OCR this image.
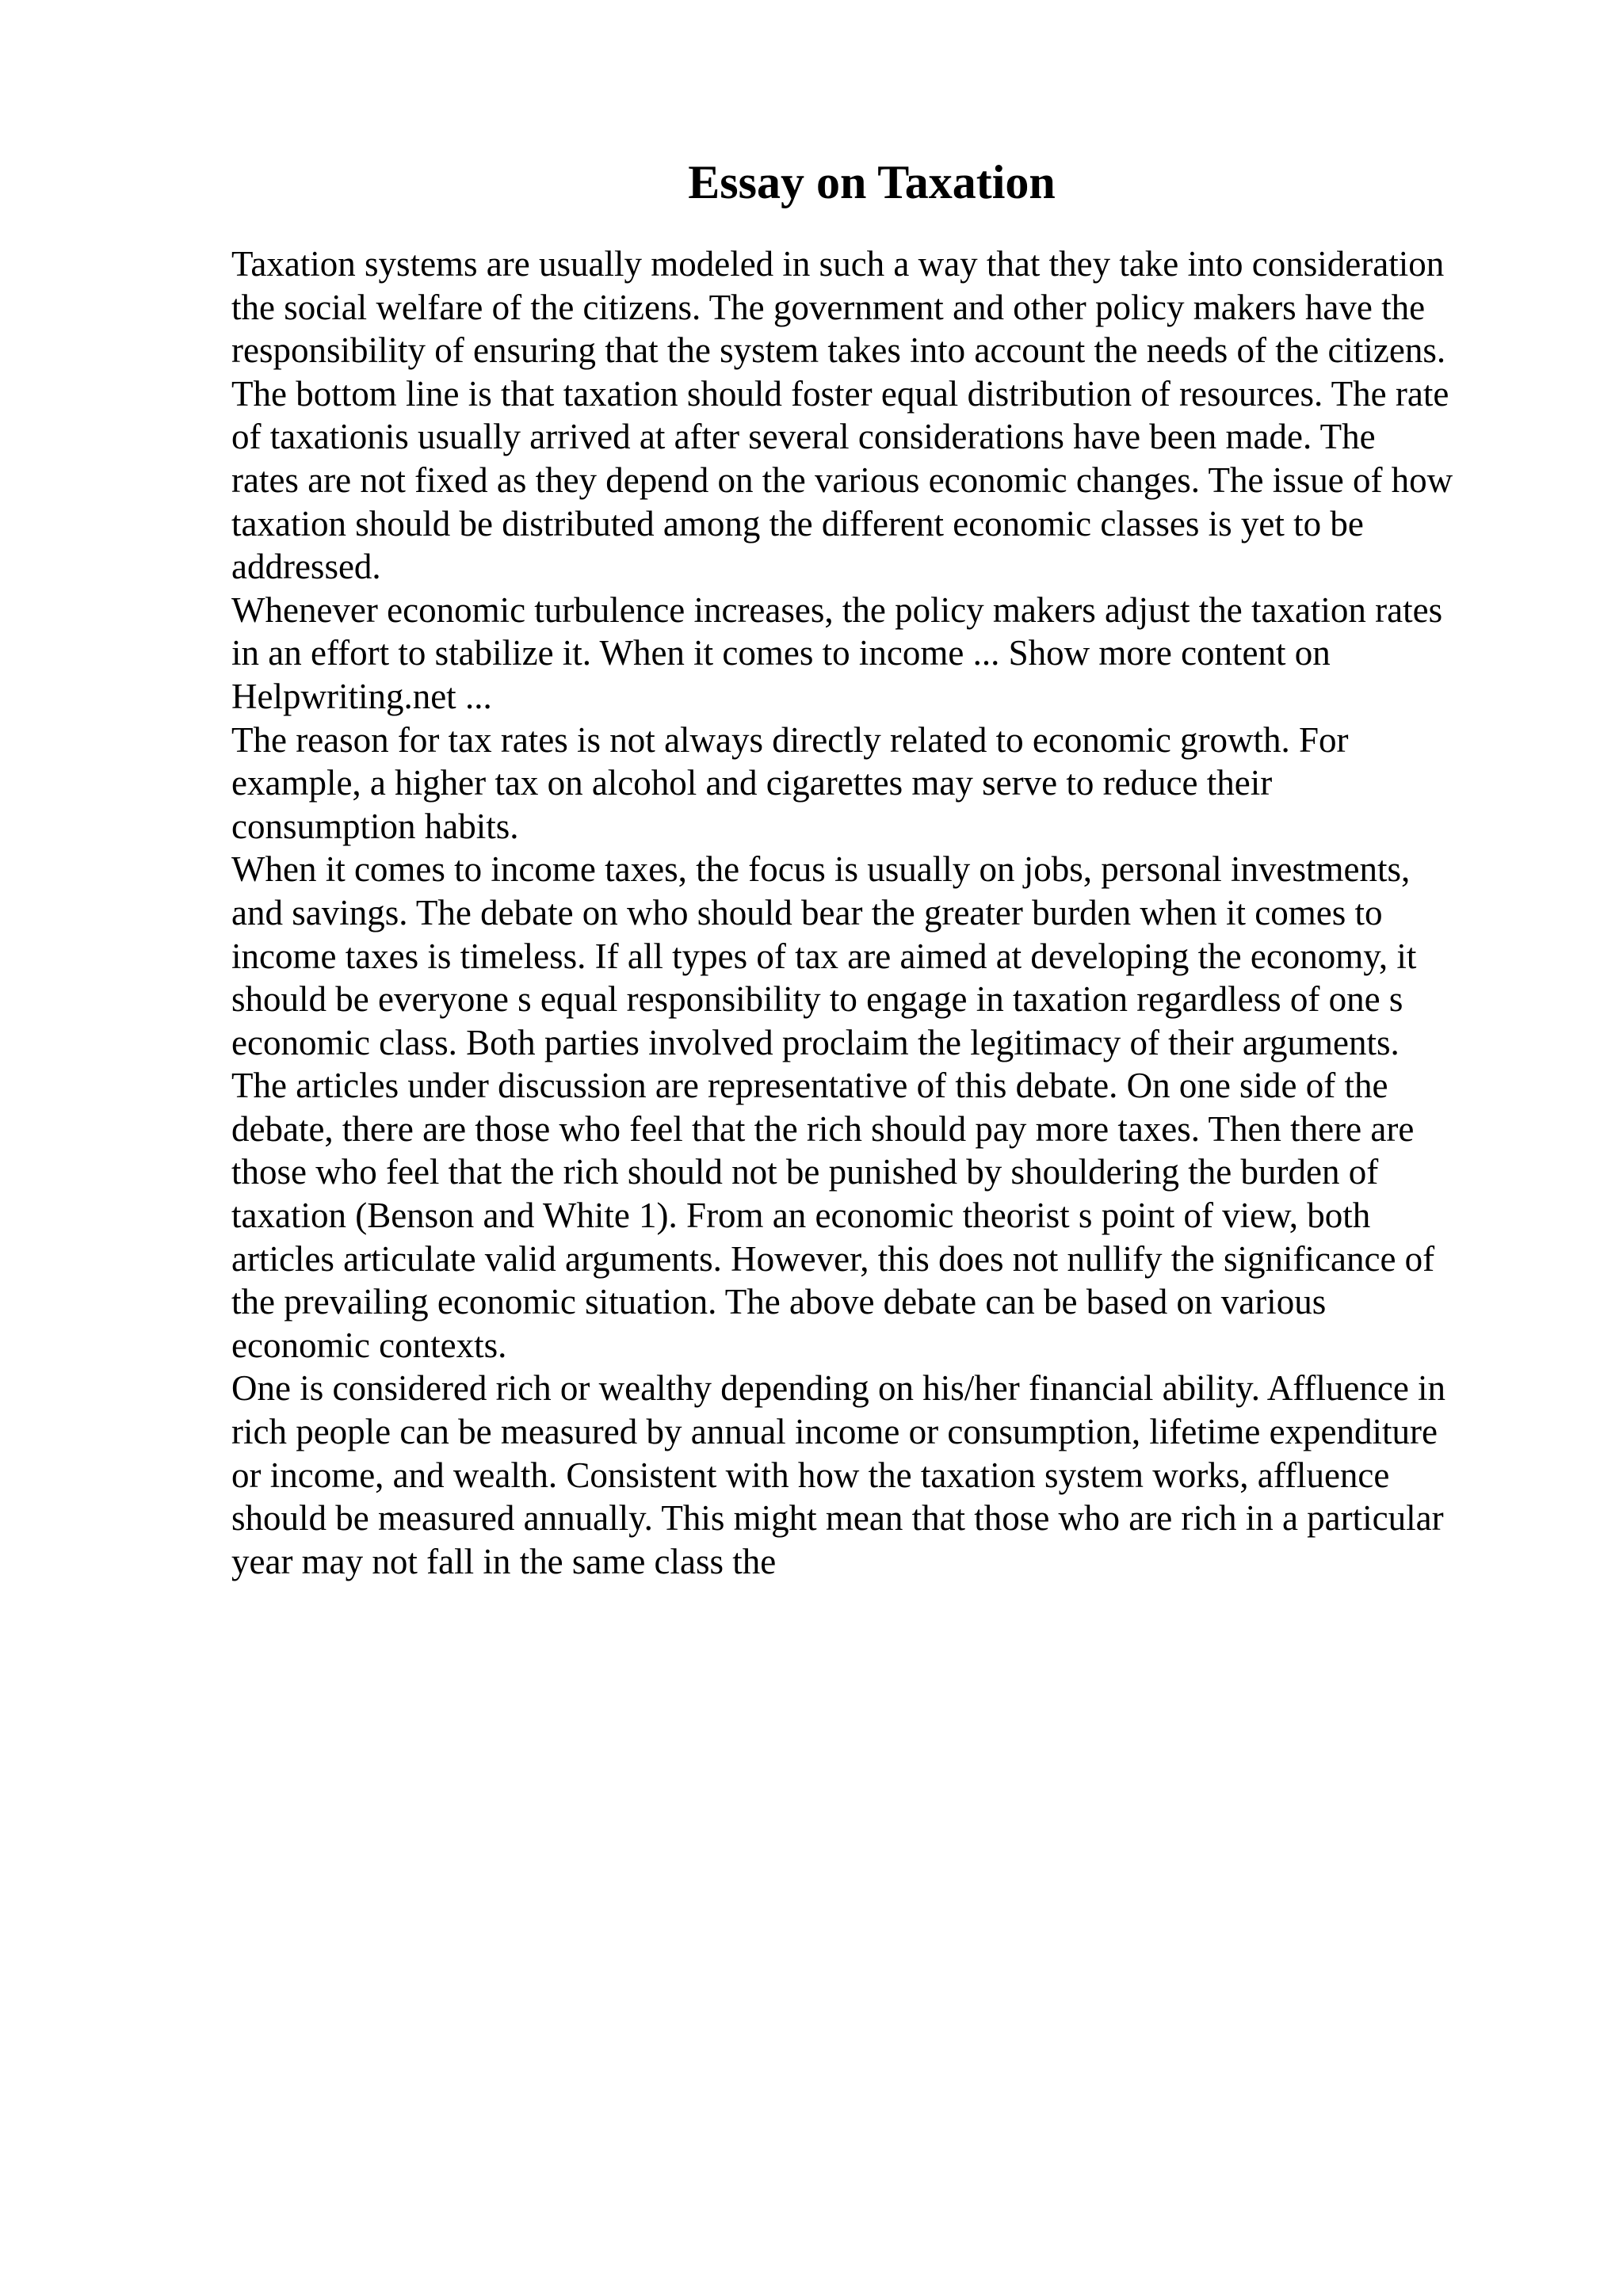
Essay on Taxation

Taxation systems are usually modeled in such a way that they take into consideration
the social welfare of the citizens. The government and other policy makers have the
responsibility of ensuring that the system takes into account the needs of the citizens.
The bottom line is that taxation should foster equal distribution of resources. The rate
of taxationis usually arrived at after several considerations have been made. The
rates are not fixed as they depend on the various economic changes. The issue of how
taxation should be distributed among the different economic classes is yet to be
addressed.

Whenever economic turbulence increases, the policy makers adjust the taxation rates
in an effort to stabilize it. When it comes to income ... Show more content on
Helpwriting.net ...

The reason for tax rates is not always directly related to economic growth. For
example, a higher tax on alcohol and cigarettes may serve to reduce their
consumption habits.

When it comes to income taxes, the focus is usually on jobs, personal investments,
and savings. The debate on who should bear the greater burden when it comes to
income taxes is timeless. If all types of tax are aimed at developing the economy, it
should be everyone s equal responsibility to engage in taxation regardless of one s
economic class. Both parties involved proclaim the legitimacy of their arguments.
The articles under discussion are representative of this debate. On one side of the
debate, there are those who feel that the rich should pay more taxes. Then there are
those who feel that the rich should not be punished by shouldering the burden of
taxation (Benson and White 1). From an economic theorist s point of view, both
articles articulate valid arguments. However, this does not nullify the significance of
the prevailing economic situation. The above debate can be based on various
economic contexts.

One is considered rich or wealthy depending on his/her financial ability. Affluence in
rich people can be measured by annual income or consumption, lifetime expenditure
or income, and wealth. Consistent with how the taxation system works, affluence
should be measured annually. This might mean that those who are rich in a particular
year may not fall in the same class the
